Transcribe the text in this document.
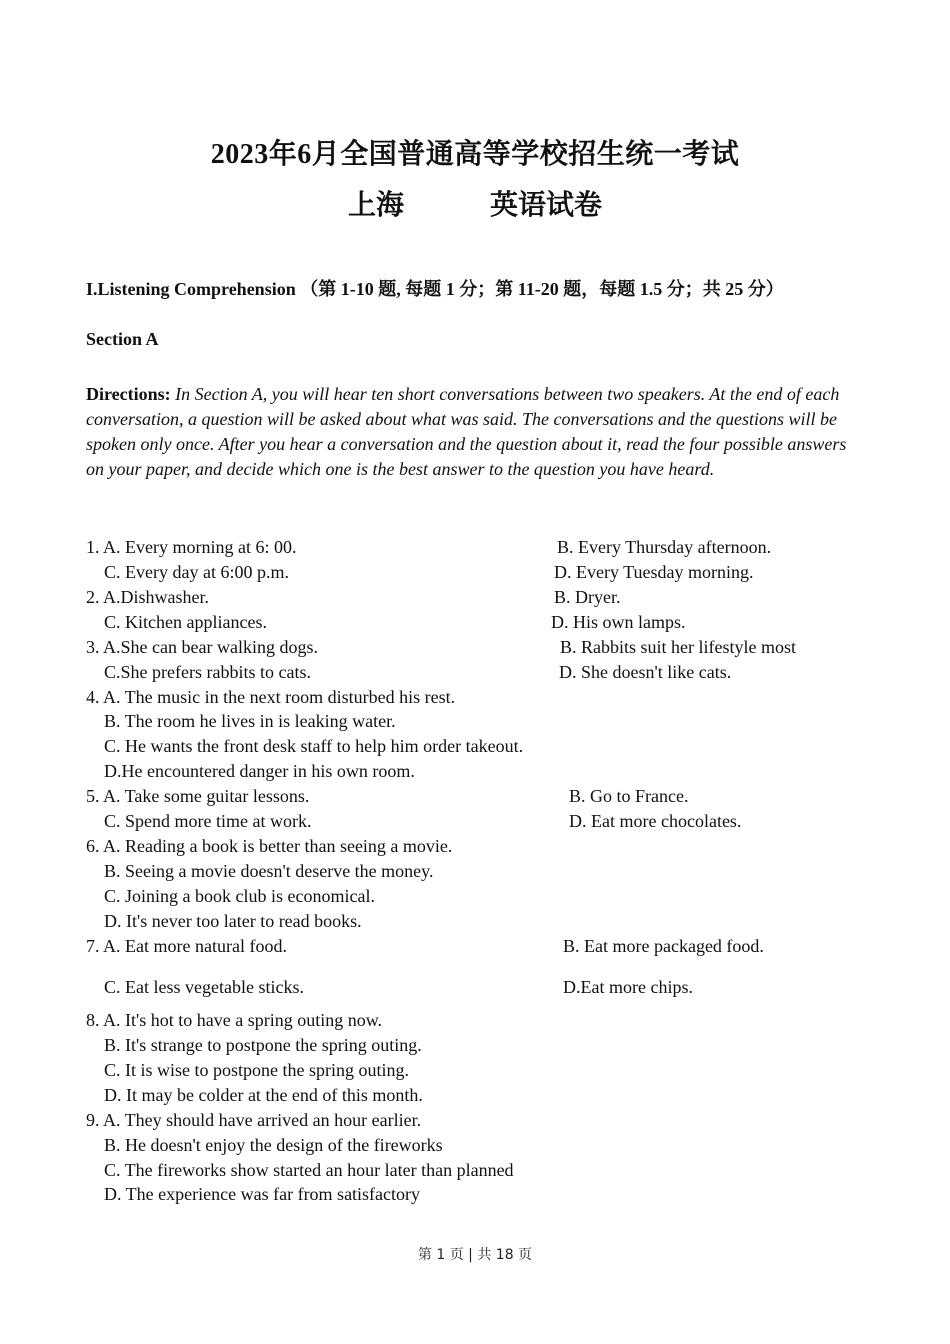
2023年6月全国普通高等学校招生统一考试
上海	英语试卷
I.Listening Comprehension （第 1-10 题, 每题 1 分；第 11-20 题，每题 1.5 分；共 25 分）
Section A
Directions: In Section A, you will hear ten short conversations between two speakers. At the end of each conversation, a question will be asked about what was said. The conversations and the questions will be spoken only once. After you hear a conversation and the question about it, read the four possible answers on your paper, and decide which one is the best answer to the question you have heard.
1. A. Every morning at 6: 00.	B. Every Thursday afternoon.
C. Every day at 6:00 p.m.	D. Every Tuesday morning.
2. A.Dishwasher.	B. Dryer.
C. Kitchen appliances.	D. His own lamps.
3. A.She can bear walking dogs.	B. Rabbits suit her lifestyle most
C.She prefers rabbits to cats.	D. She doesn't like cats.
4. A. The music in the next room disturbed his rest.
B. The room he lives in is leaking water.
C. He wants the front desk staff to help him order takeout.
D.He encountered danger in his own room.
5. A. Take some guitar lessons.	B. Go to France.
C. Spend more time at work.	D. Eat more chocolates.
6. A. Reading a book is better than seeing a movie.
B. Seeing a movie doesn't deserve the money.
C. Joining a book club is economical.
D. It's never too later to read books.
7. A. Eat more natural food.	B. Eat more packaged food.
C. Eat less vegetable sticks.	D.Eat more chips.
8. A. It's hot to have a spring outing now.
B. It's strange to postpone the spring outing.
C. It is wise to postpone the spring outing.
D. It may be colder at the end of this month.
9. A. They should have arrived an hour earlier.
B. He doesn't enjoy the design of the fireworks
C. The fireworks show started an hour later than planned
D. The experience was far from satisfactory
第 1 页 | 共 18 页
